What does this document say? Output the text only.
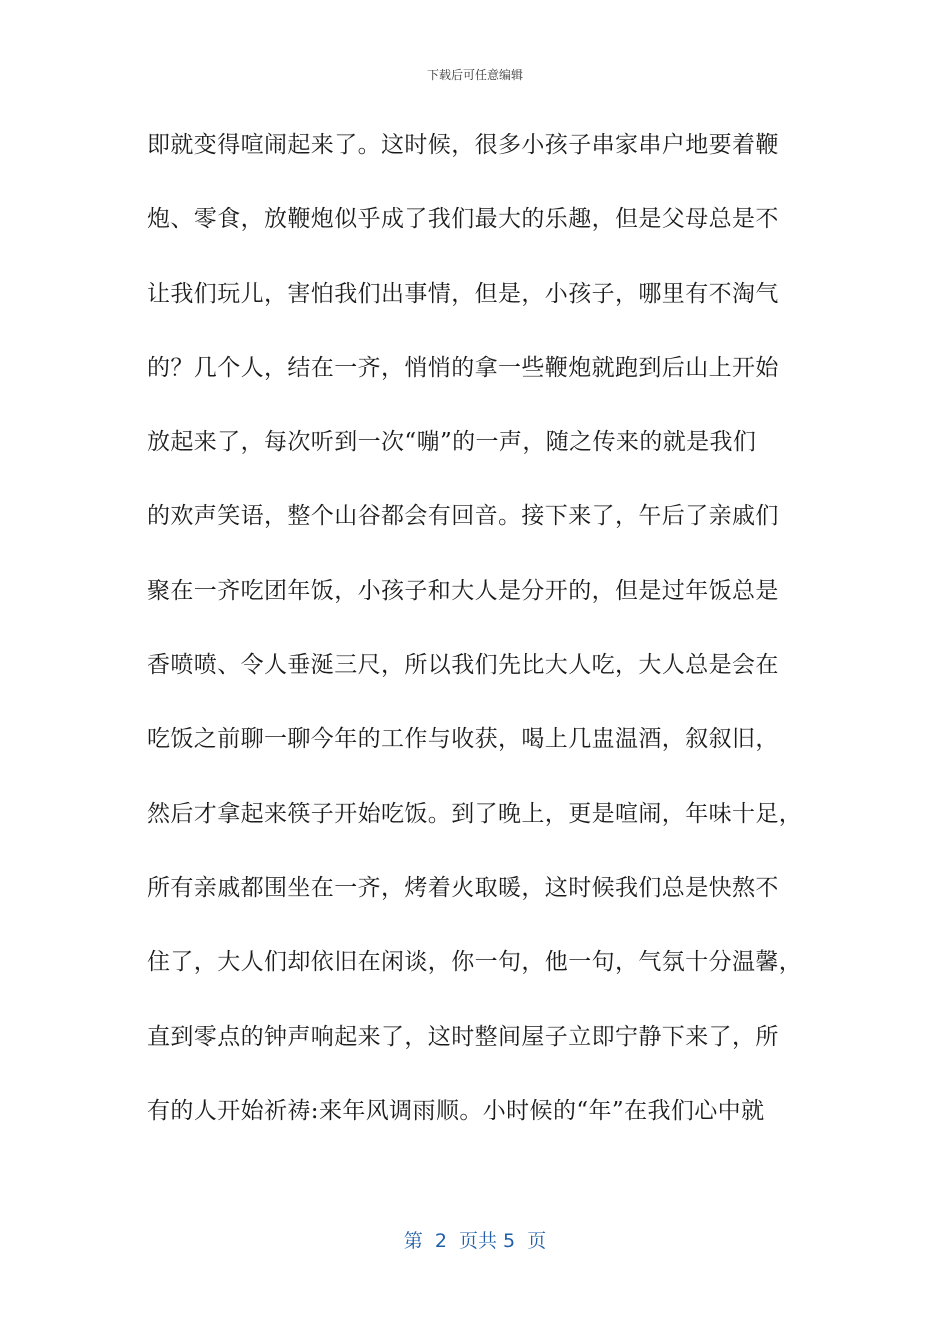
下载后可任意编辑
即就变得喧闹起来了。这时候，很多小孩子串家串户地要着鞭
炮、零食，放鞭炮似乎成了我们最大的乐趣，但是父母总是不
让我们玩儿，害怕我们出事情，但是，小孩子，哪里有不淘气
的？几个人，结在一齐，悄悄的拿一些鞭炮就跑到后山上开始
放起来了，每次听到一次“嘣”的一声，随之传来的就是我们
的欢声笑语，整个山谷都会有回音。接下来了，午后了亲戚们
聚在一齐吃团年饭，小孩子和大人是分开的，但是过年饭总是
香喷喷、令人垂涎三尺，所以我们先比大人吃，大人总是会在
吃饭之前聊一聊今年的工作与收获，喝上几盅温酒，叙叙旧，
然后才拿起来筷子开始吃饭。到了晚上，更是喧闹，年味十足，
所有亲戚都围坐在一齐，烤着火取暖，这时候我们总是快熬不
住了，大人们却依旧在闲谈，你一句，他一句，气氛十分温馨，
直到零点的钟声响起来了，这时整间屋子立即宁静下来了，所
有的人开始祈祷:来年风调雨顺。小时候的“年”在我们心中就
第  2  页共 5  页
